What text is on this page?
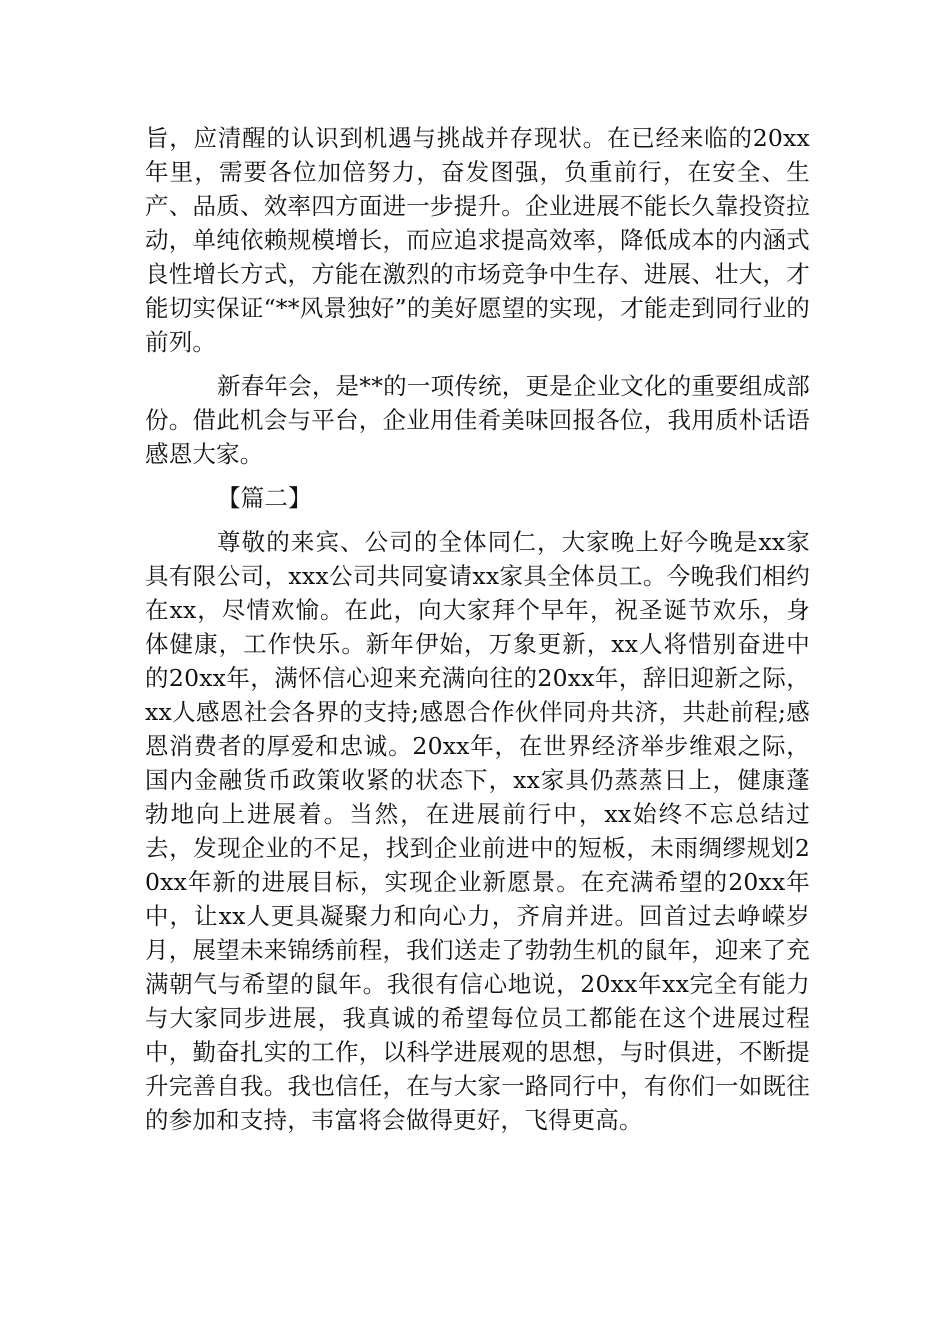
旨，应清醒的认识到机遇与挑战并存现状。在已经来临的20xx年里，需要各位加倍努力，奋发图强，负重前行，在安全、生产、品质、效率四方面进一步提升。企业进展不能长久靠投资拉动，单纯依赖规模增长，而应追求提高效率，降低成本的内涵式良性增长方式，方能在激烈的市场竞争中生存、进展、壮大，才能切实保证“**风景独好”的美好愿望的实现，才能走到同行业的前列。

新春年会，是**的一项传统，更是企业文化的重要组成部份。借此机会与平台，企业用佳肴美味回报各位，我用质朴话语感恩大家。

【篇二】

尊敬的来宾、公司的全体同仁，大家晚上好今晚是xx家具有限公司，xxx公司共同宴请xx家具全体员工。今晚我们相约在xx，尽情欢愉。在此，向大家拜个早年，祝圣诞节欢乐，身体健康，工作快乐。新年伊始，万象更新，xx人将惜别奋进中的20xx年，满怀信心迎来充满向往的20xx年，辞旧迎新之际，xx人感恩社会各界的支持;感恩合作伙伴同舟共济，共赴前程;感恩消费者的厚爱和忠诚。20xx年，在世界经济举步维艰之际，国内金融货币政策收紧的状态下，xx家具仍蒸蒸日上，健康蓬勃地向上进展着。当然，在进展前行中，xx始终不忘总结过去，发现企业的不足，找到企业前进中的短板，未雨绸缪规划20xx年新的进展目标，实现企业新愿景。在充满希望的20xx年中，让xx人更具凝聚力和向心力，齐肩并进。回首过去峥嵘岁月，展望未来锦绣前程，我们送走了勃勃生机的鼠年，迎来了充满朝气与希望的鼠年。我很有信心地说，20xx年xx完全有能力与大家同步进展，我真诚的希望每位员工都能在这个进展过程中，勤奋扎实的工作，以科学进展观的思想，与时俱进，不断提升完善自我。我也信任，在与大家一路同行中，有你们一如既往的参加和支持，韦富将会做得更好，飞得更高。
